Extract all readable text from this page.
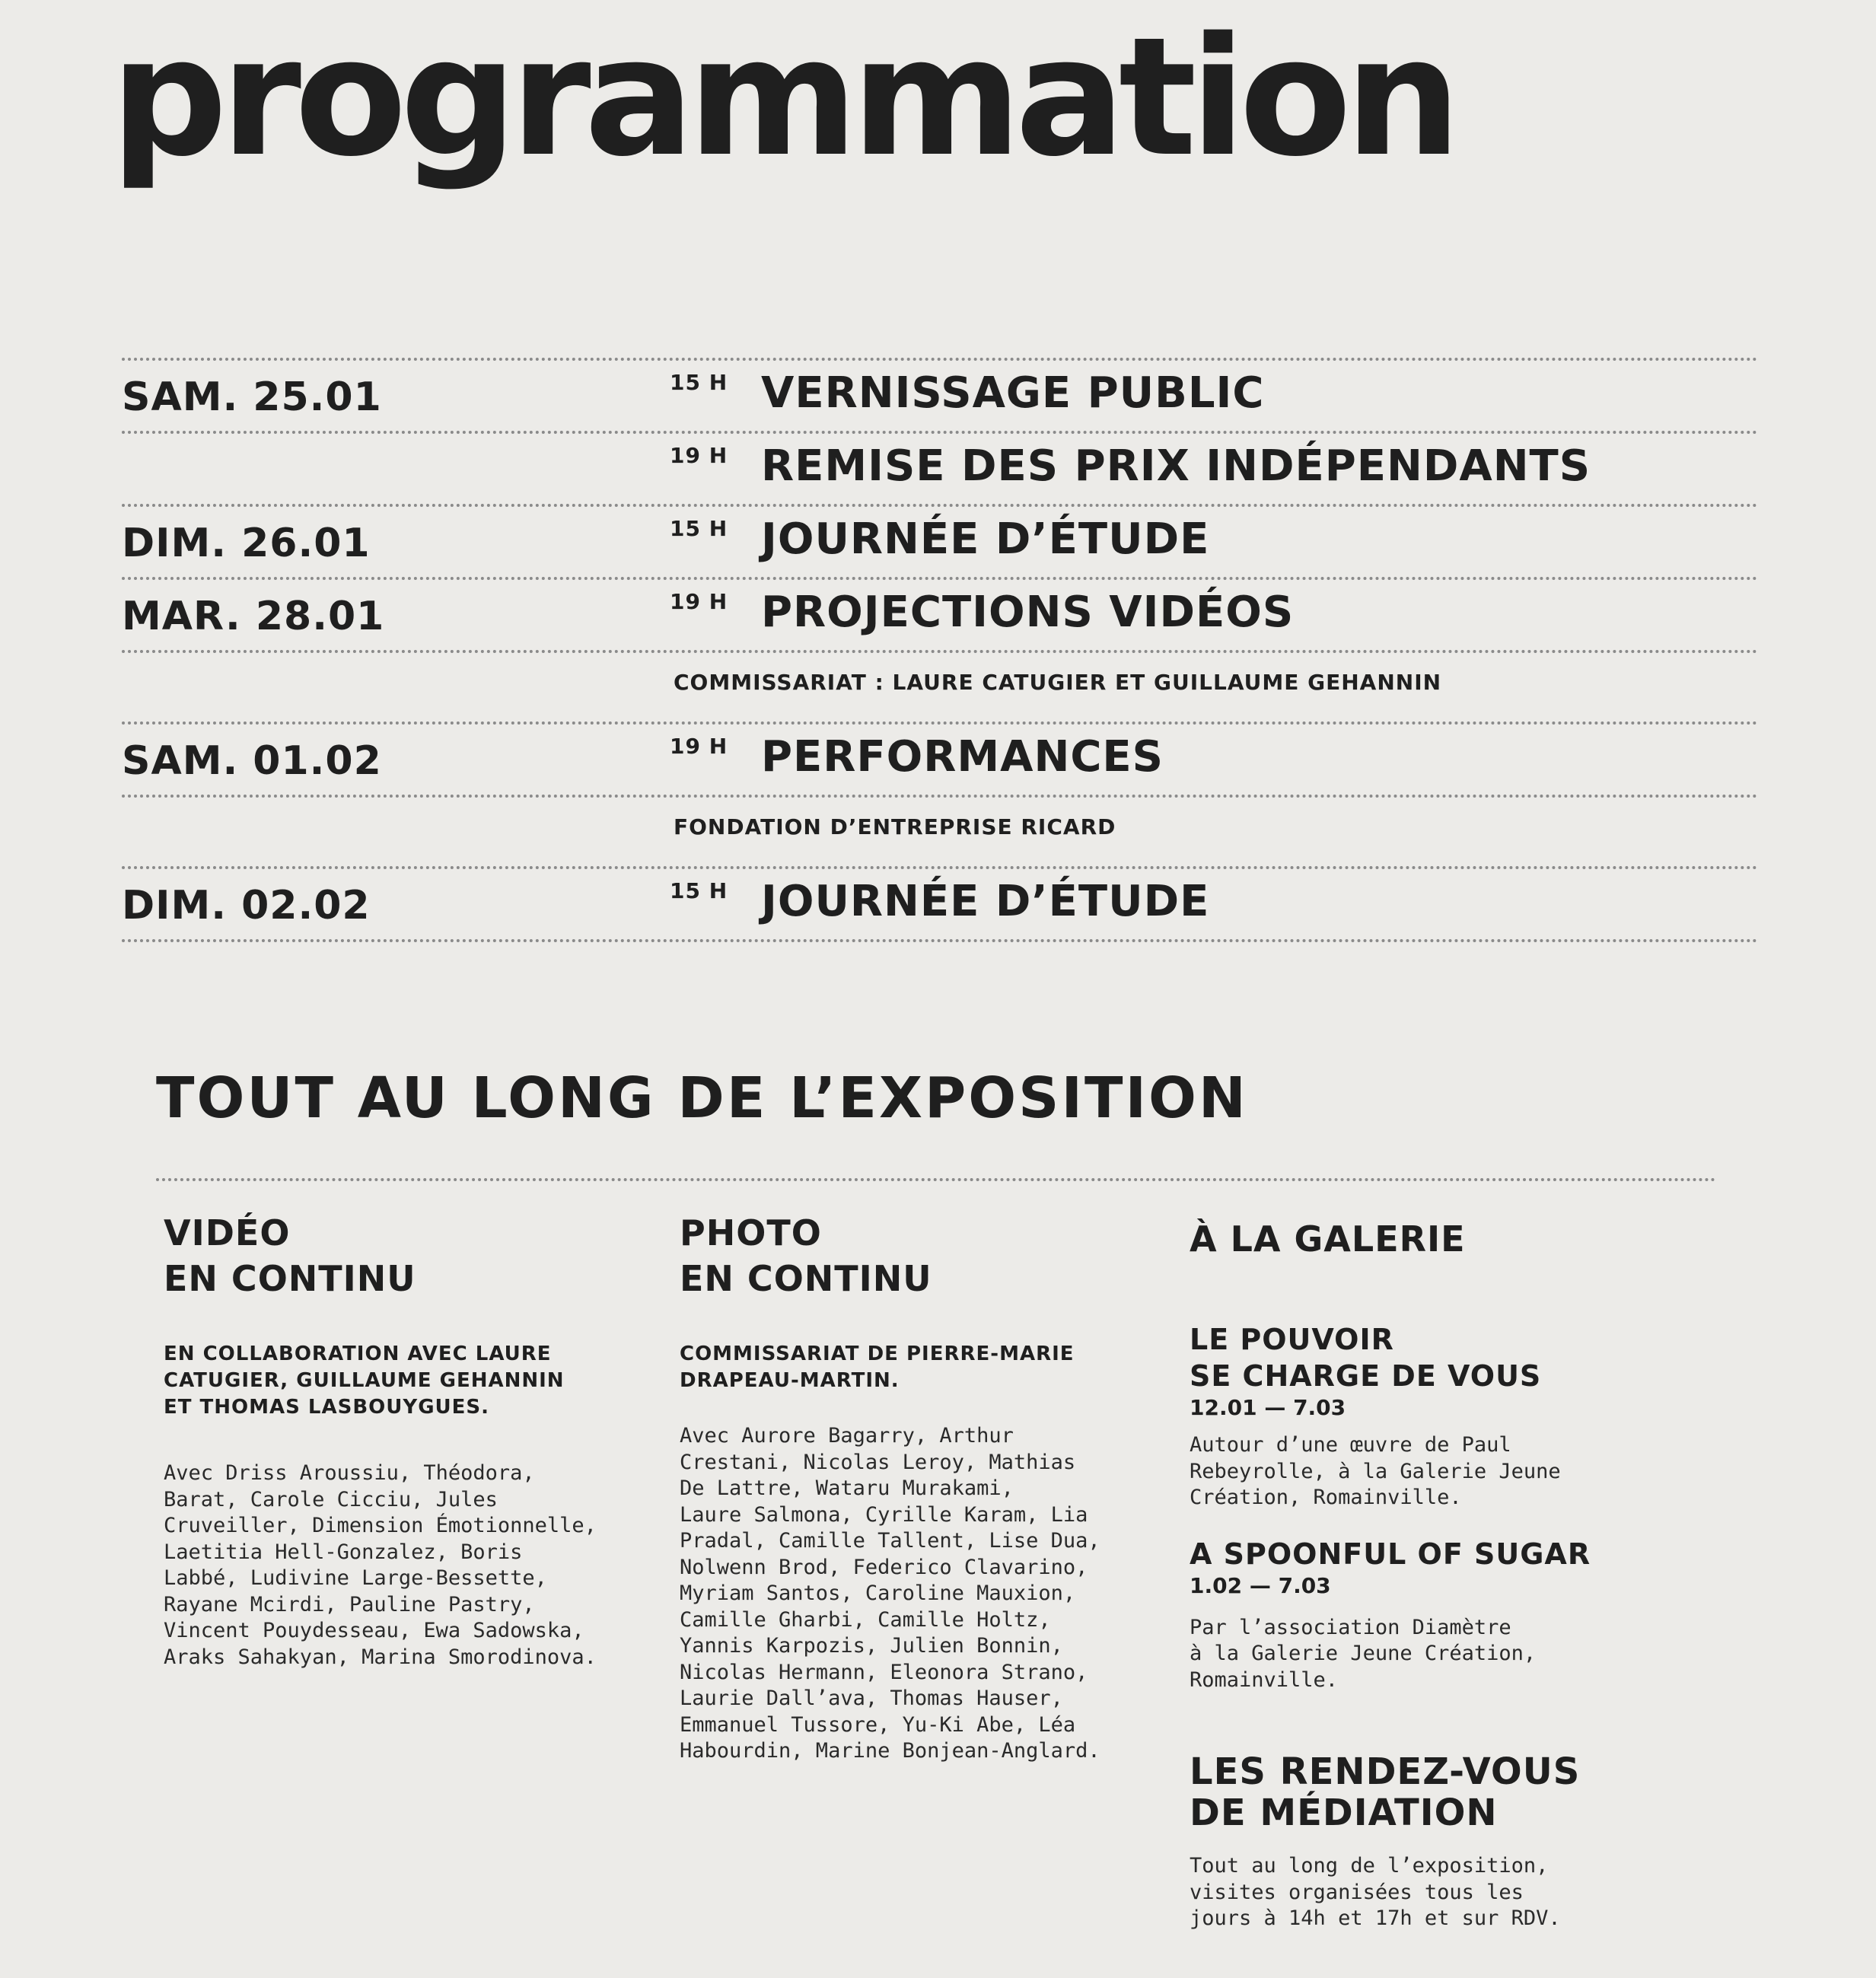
programmation
SAM. 25.01	15 H VERNISSAGE PUBLIC
19 H REMISE DES PRIX INDÉPENDANTS
DIM. 26.01	15 H JOURNÉE D’ÉTUDE
MAR. 28.01	19 H PROJECTIONS VIDÉOS
COMMISSARIAT : LAURE CATUGIER ET GUILLAUME GEHANNIN
SAM. 01.02	19 H PERFORMANCES
FONDATION D’ENTREPRISE RICARD
DIM. 02.02	15 H JOURNÉE D’ÉTUDE
TOUT AU LONG DE L’EXPOSITION

VIDÉO
EN CONTINU

EN COLLABORATION AVEC LAURE
CATUGIER, GUILLAUME GEHANNIN
ET THOMAS LASBOUYGUES.

Avec Driss Aroussiu, Théodora,
Barat, Carole Cicciu, Jules
Cruveiller, Dimension Émotionnelle,
Laetitia Hell-Gonzalez, Boris
Labbé, Ludivine Large-Bessette,
Rayane Mcirdi, Pauline Pastry,
Vincent Pouydesseau, Ewa Sadowska,
Araks Sahakyan, Marina Smorodinova.

PHOTO
EN CONTINU

COMMISSARIAT DE PIERRE-MARIE
DRAPEAU-MARTIN.

Avec Aurore Bagarry, Arthur
Crestani, Nicolas Leroy, Mathias
De Lattre, Wataru Murakami,
Laure Salmona, Cyrille Karam, Lia
Pradal, Camille Tallent, Lise Dua,
Nolwenn Brod, Federico Clavarino,
Myriam Santos, Caroline Mauxion,
Camille Gharbi, Camille Holtz,
Yannis Karpozis, Julien Bonnin,
Nicolas Hermann, Eleonora Strano,
Laurie Dall’ava, Thomas Hauser,
Emmanuel Tussore, Yu-Ki Abe, Léa
Habourdin, Marine Bonjean-Anglard.

À LA GALERIE

LE POUVOIR
SE CHARGE DE VOUS

12.01 — 7.03

Autour d’une œuvre de Paul
Rebeyrolle, à la Galerie Jeune
Création, Romainville.

A SPOONFUL OF SUGAR

1.02 — 7.03

Par l’association Diamètre
à la Galerie Jeune Création,
Romainville.

LES RENDEZ-VOUS
DE MÉDIATION

Tout au long de l’exposition,
visites organisées tous les
jours à 14h et 17h et sur RDV.
